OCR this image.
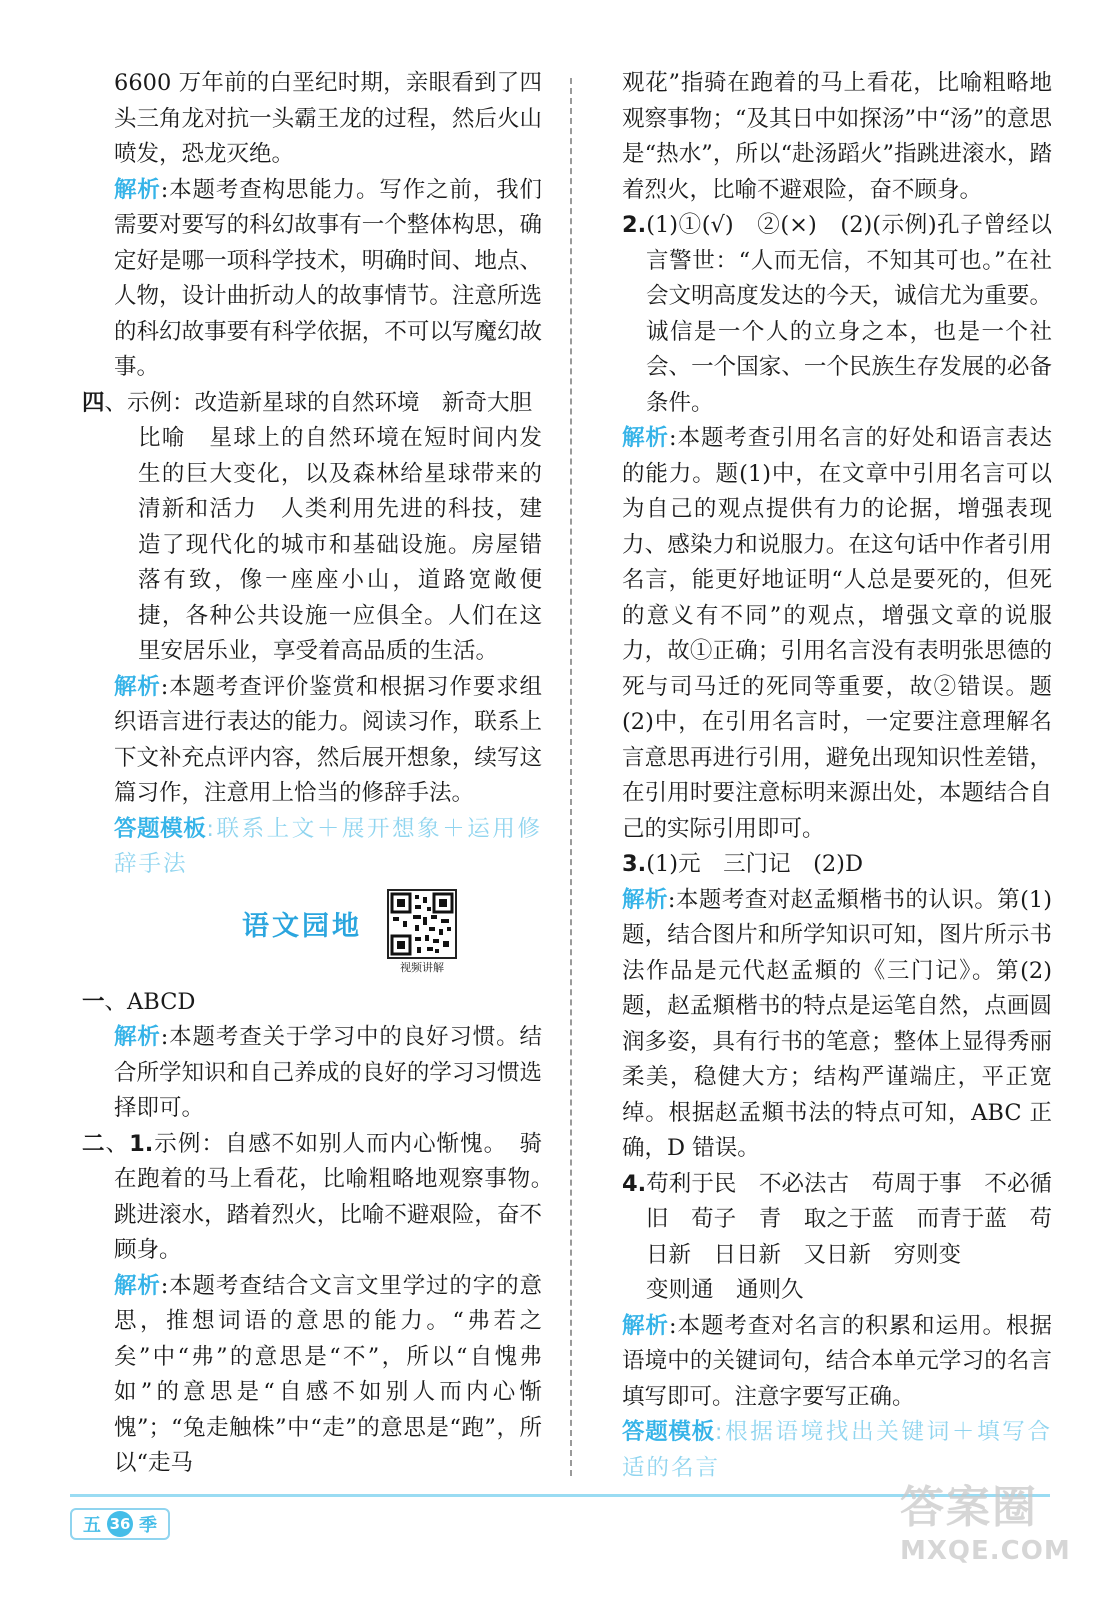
6600 万年前的白垩纪时期，亲眼看到了四头三角龙对抗一头霸王龙的过程，然后火山喷发，恐龙灭绝。

解析:本题考查构思能力。写作之前，我们需要对要写的科幻故事有一个整体构思，确定好是哪一项科学技术，明确时间、地点、人物，设计曲折动人的故事情节。注意所选的科幻故事要有科学依据，不可以写魔幻故事。

四、示例：改造新星球的自然环境　新奇大胆

比喻　星球上的自然环境在短时间内发生的巨大变化，以及森林给星球带来的清新和活力　人类利用先进的科技，建造了现代化的城市和基础设施。房屋错落有致，像一座座小山，道路宽敞便捷，各种公共设施一应俱全。人们在这里安居乐业，享受着高品质的生活。

解析:本题考查评价鉴赏和根据习作要求组织语言进行表达的能力。阅读习作，联系上下文补充点评内容，然后展开想象，续写这篇习作，注意用上恰当的修辞手法。

答题模板:联系上文＋展开想象＋运用修辞手法

语文园地
视频讲解

一、ABCD

解析:本题考查关于学习中的良好习惯。结合所学知识和自己养成的良好的学习习惯选择即可。

二、1.示例：自感不如别人而内心惭愧。　骑在跑着的马上看花，比喻粗略地观察事物。　跳进滚水，踏着烈火，比喻不避艰险，奋不顾身。

解析:本题考查结合文言文里学过的字的意思，推想词语的意思的能力。“弗若之矣”中“弗”的意思是“不”，所以“自愧弗如”的意思是“自感不如别人而内心惭愧”；“兔走触株”中“走”的意思是“跑”，所以“走马

观花”指骑在跑着的马上看花，比喻粗略地观察事物；“及其日中如探汤”中“汤”的意思是“热水”，所以“赴汤蹈火”指跳进滚水，踏着烈火，比喻不避艰险，奋不顾身。

2.(1)①(√)　②(×)　(2)(示例)孔子曾经以言警世：“人而无信，不知其可也。”在社会文明高度发达的今天，诚信尤为重要。诚信是一个人的立身之本，也是一个社会、一个国家、一个民族生存发展的必备条件。

解析:本题考查引用名言的好处和语言表达的能力。题(1)中，在文章中引用名言可以为自己的观点提供有力的论据，增强表现力、感染力和说服力。在这句话中作者引用名言，能更好地证明“人总是要死的，但死的意义有不同”的观点，增强文章的说服力，故①正确；引用名言没有表明张思德的死与司马迁的死同等重要，故②错误。题(2)中，在引用名言时，一定要注意理解名言意思再进行引用，避免出现知识性差错，在引用时要注意标明来源出处，本题结合自己的实际引用即可。

3.(1)元　三门记　(2)D

解析:本题考查对赵孟頫楷书的认识。第(1)题，结合图片和所学知识可知，图片所示书法作品是元代赵孟頫的《三门记》。第(2)题，赵孟頫楷书的特点是运笔自然，点画圆润多姿，具有行书的笔意；整体上显得秀丽柔美，稳健大方；结构严谨端庄，平正宽绰。根据赵孟頫书法的特点可知，ABC 正确，D 错误。

4.苟利于民　不必法古　苟周于事　不必循旧　荀子　青　取之于蓝　而青于蓝　苟日新　日日新　又日新　穷则变

变则通　通则久

解析:本题考查对名言的积累和运用。根据语境中的关键词句，结合本单元学习的名言填写即可。注意字要写正确。

答题模板:根据语境找出关键词＋填写合适的名言

五 36 季	答案圈
MXQE.COM
